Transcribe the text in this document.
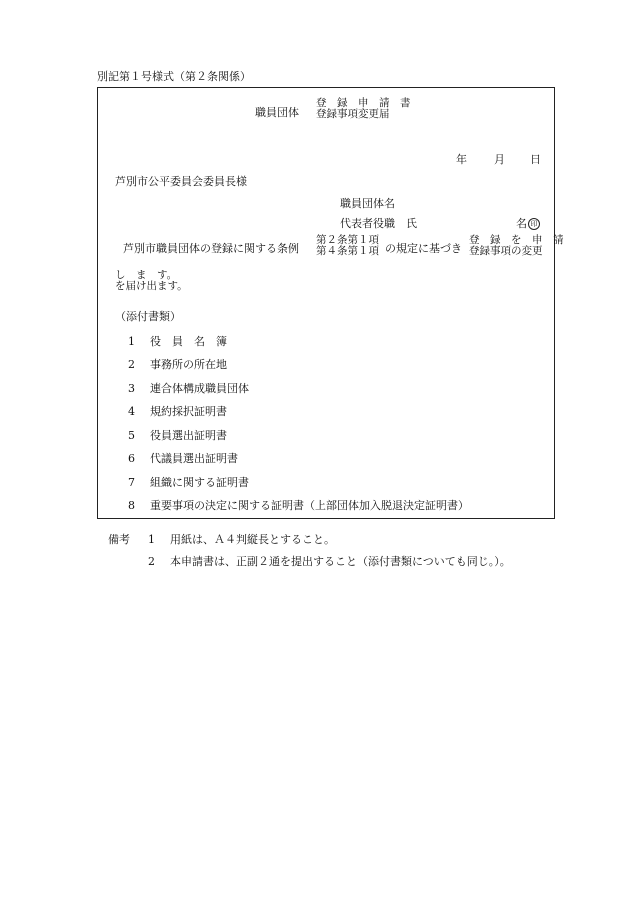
別記第１号様式（第２条関係）
職員団体
登　録　申　請　書
登録事項変更届
年 月 日
芦別市公平委員会委員長様
職員団体名
代表者役職　氏	名 印
芦別市職員団体の登録に関する条例
第２条第１項
第４条第１項 の規定に基づき
登　録　を　申　請
登録事項の変更
し　ま　す。
を届け出ます。
（添付書類）
1 役　員　名　簿
2 事務所の所在地
3 連合体構成職員団体
4 規約採択証明書
5 役員選出証明書
6 代議員選出証明書
7 組織に関する証明書
8 重要事項の決定に関する証明書（上部団体加入脱退決定証明書）
備考 1 用紙は、Ａ４判縦長とすること。
2 本申請書は、正副２通を提出すること（添付書類についても同じ。）。
